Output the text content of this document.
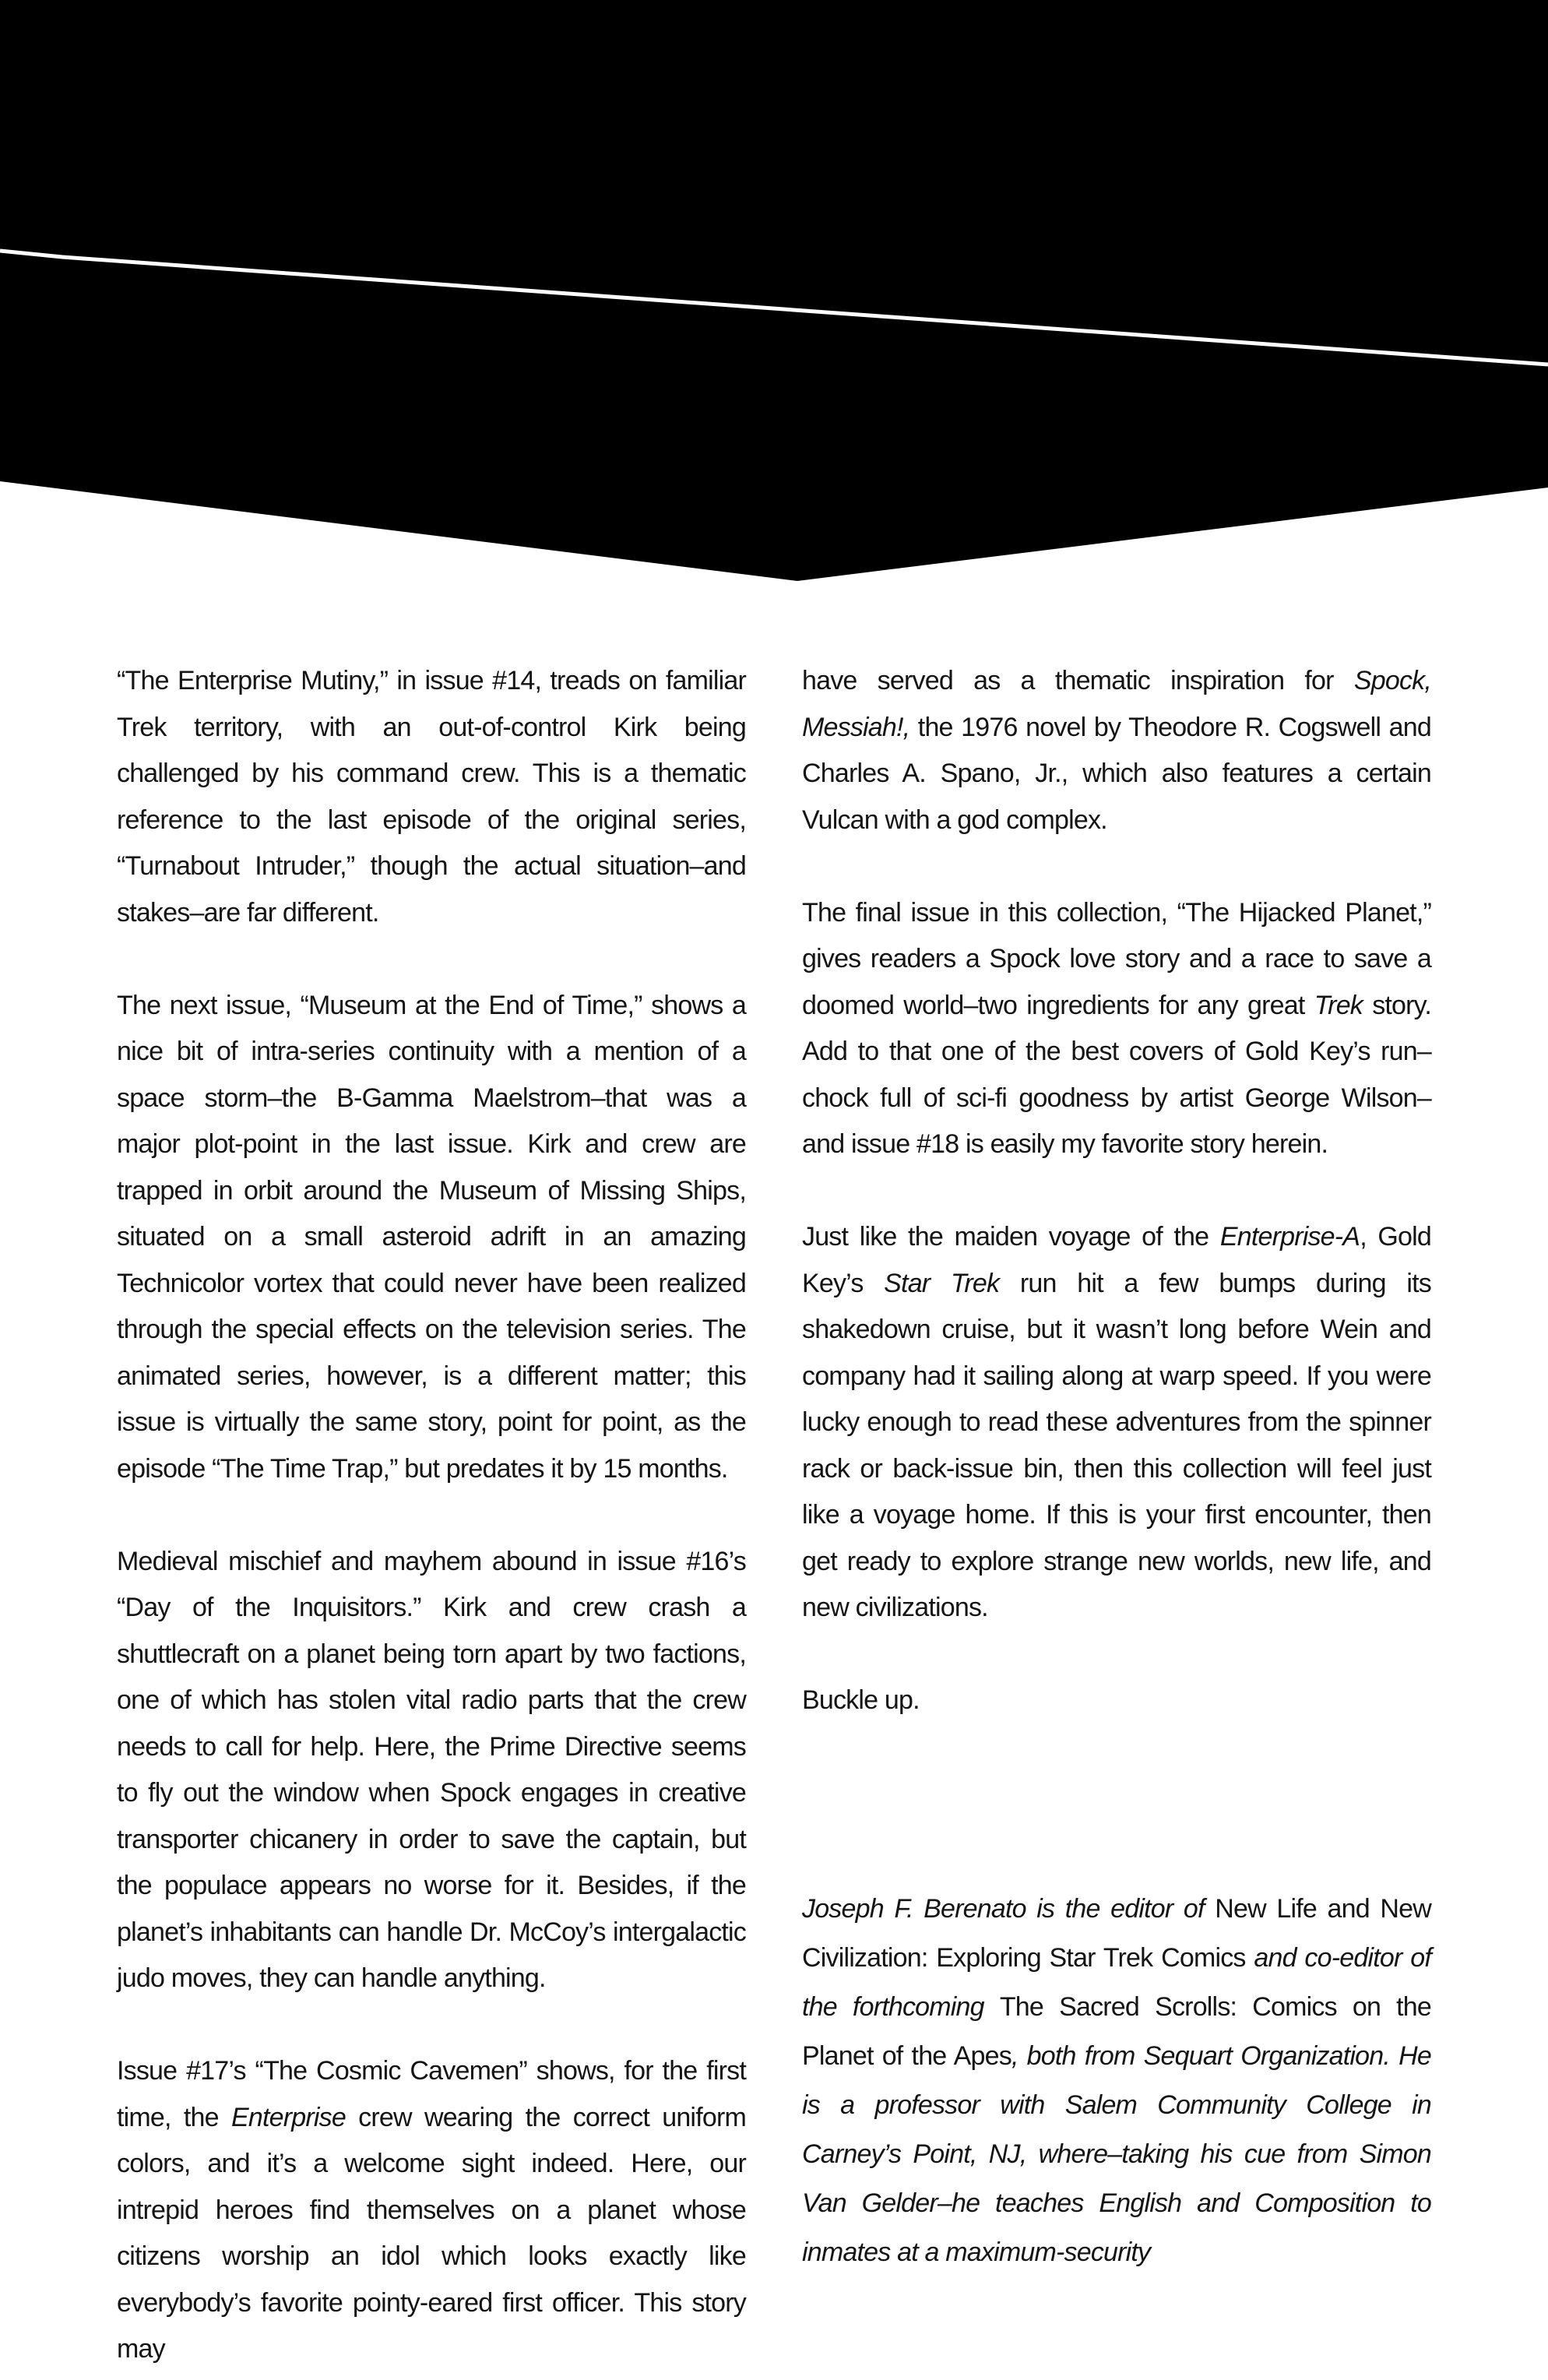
“The Enterprise Mutiny,” in issue #14, treads on familiar Trek territory, with an out-of-control Kirk being challenged by his command crew. This is a thematic reference to the last episode of the original series, “Turnabout Intruder,” though the actual situation–and stakes–are far different.

The next issue, “Museum at the End of Time,” shows a nice bit of intra-series continuity with a mention of a space storm–the B-Gamma Maelstrom–that was a major plot-point in the last issue. Kirk and crew are trapped in orbit around the Museum of Missing Ships, situated on a small asteroid adrift in an amazing Technicolor vortex that could never have been realized through the special effects on the television series. The animated series, however, is a different matter; this issue is virtually the same story, point for point, as the episode “The Time Trap,” but predates it by 15 months.

Medieval mischief and mayhem abound in issue #16’s “Day of the Inquisitors.” Kirk and crew crash a shuttlecraft on a planet being torn apart by two factions, one of which has stolen vital radio parts that the crew needs to call for help. Here, the Prime Directive seems to fly out the window when Spock engages in creative transporter chicanery in order to save the captain, but the populace appears no worse for it. Besides, if the planet’s inhabitants can handle Dr. McCoy’s intergalactic judo moves, they can handle anything.

Issue #17’s “The Cosmic Cavemen” shows, for the first time, the Enterprise crew wearing the correct uniform colors, and it’s a welcome sight indeed. Here, our intrepid heroes find themselves on a planet whose citizens worship an idol which looks exactly like everybody’s favorite pointy-eared first officer. This story may

have served as a thematic inspiration for Spock, Messiah!, the 1976 novel by Theodore R. Cogswell and Charles A. Spano, Jr., which also features a certain Vulcan with a god complex.

The final issue in this collection, “The Hijacked Planet,” gives readers a Spock love story and a race to save a doomed world–two ingredients for any great Trek story. Add to that one of the best covers of Gold Key’s run–chock full of sci-fi goodness by artist George Wilson–and issue #18 is easily my favorite story herein.

Just like the maiden voyage of the Enterprise-A, Gold Key’s Star Trek run hit a few bumps during its shakedown cruise, but it wasn’t long before Wein and company had it sailing along at warp speed. If you were lucky enough to read these adventures from the spinner rack or back-issue bin, then this collection will feel just like a voyage home. If this is your first encounter, then get ready to explore strange new worlds, new life, and new civilizations.

Buckle up.

Joseph F. Berenato is the editor of New Life and New Civilization: Exploring Star Trek Comics and co-editor of the forthcoming The Sacred Scrolls: Comics on the Planet of the Apes, both from Sequart Organization. He is a professor with Salem Community College in Carney’s Point, NJ, where–taking his cue from Simon Van Gelder–he teaches English and Composition to inmates at a maximum-security
